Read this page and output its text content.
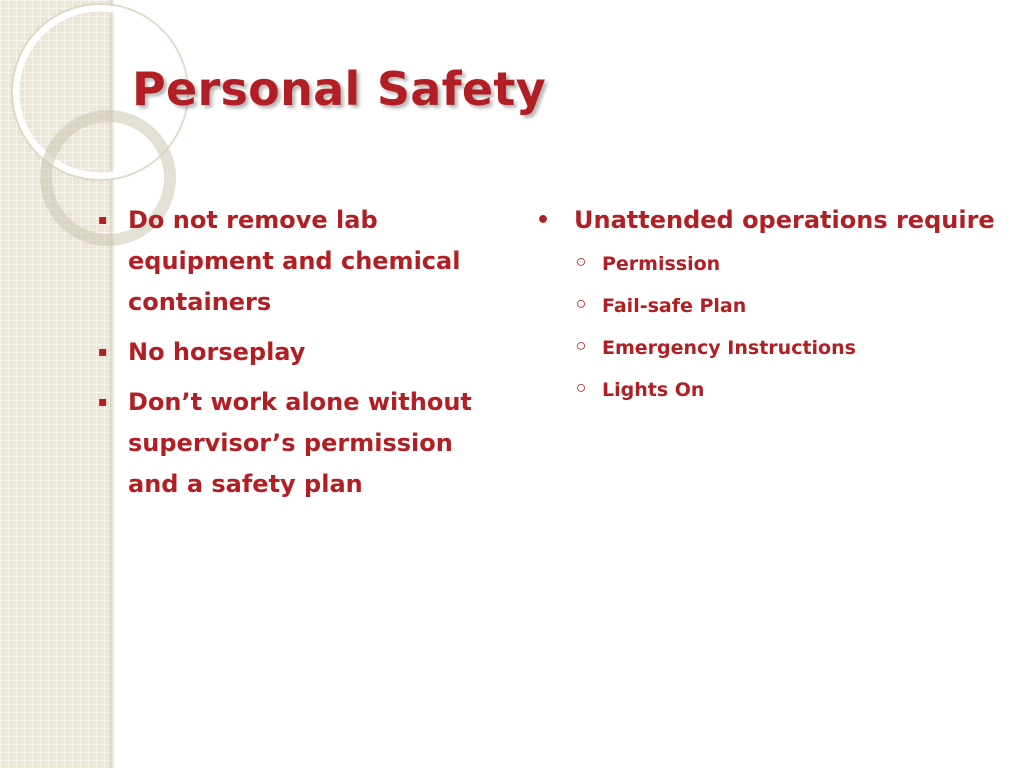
Personal Safety
▪ Do not remove lab equipment and chemical containers
▪ No horseplay
▪ Don’t work alone without supervisor’s permission and a safety plan
• Unattended operations require
◦ Permission
◦ Fail-safe Plan
◦ Emergency Instructions
◦ Lights On
